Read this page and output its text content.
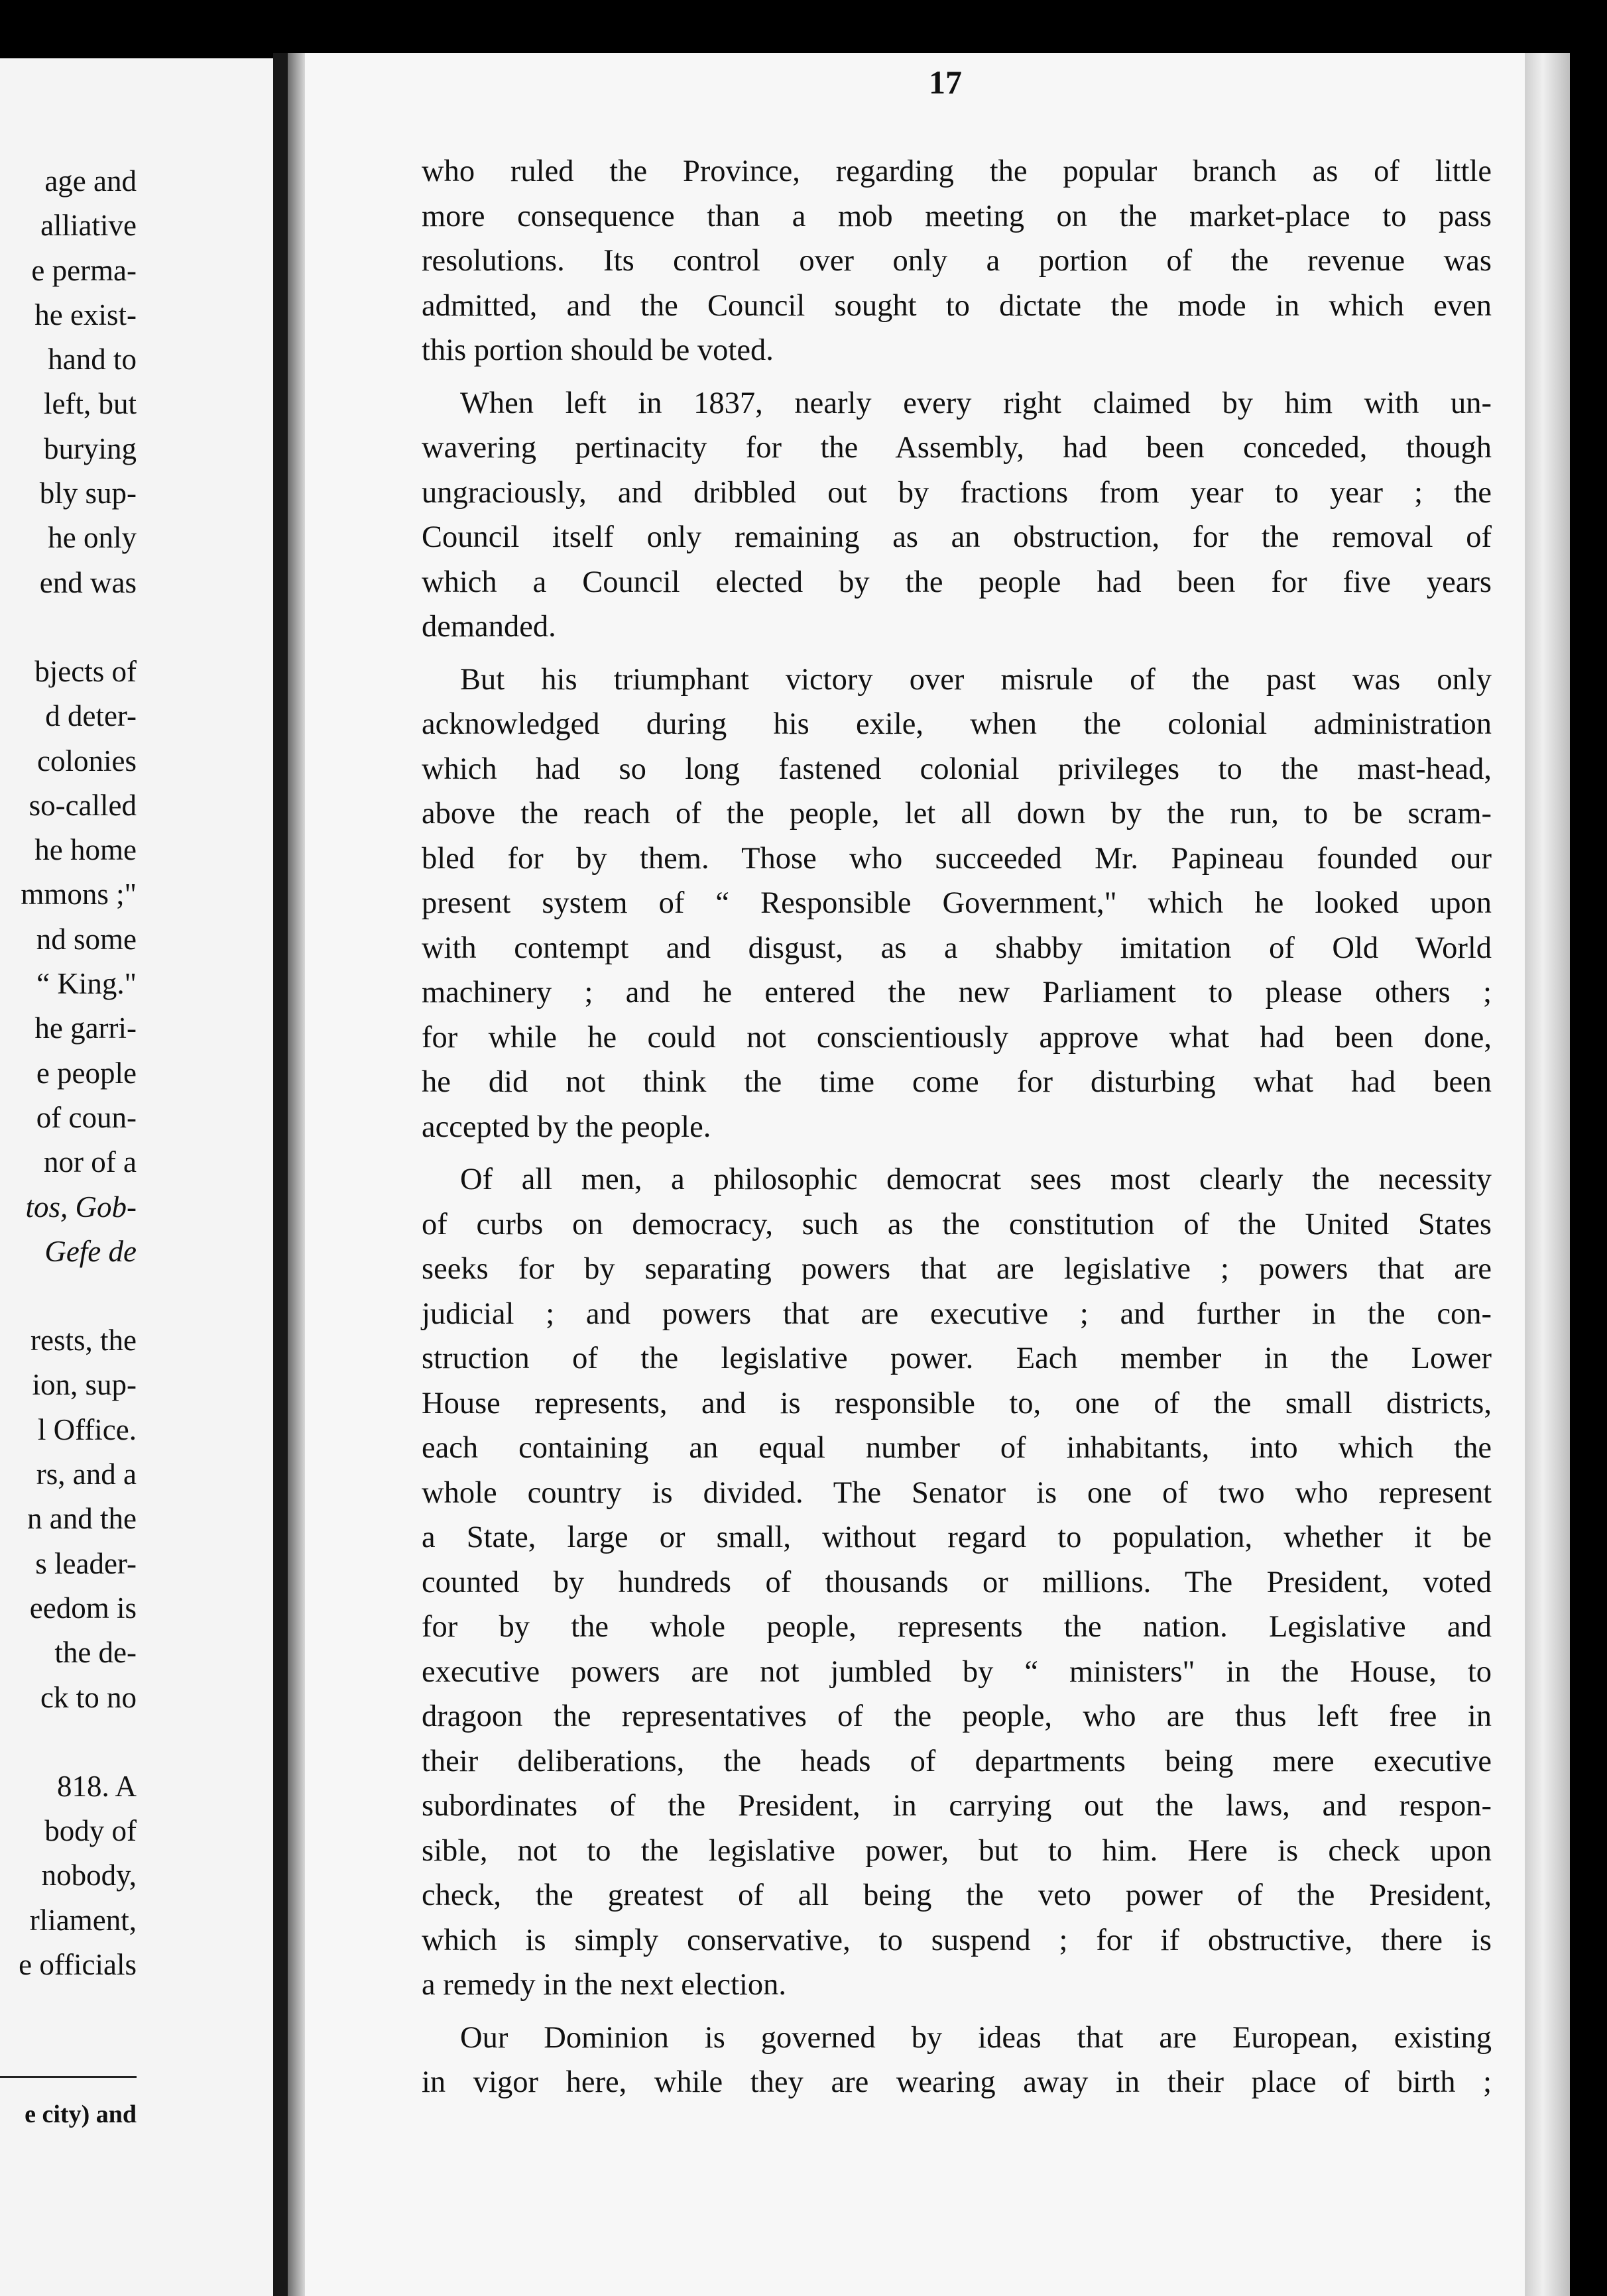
age and
alliative
e perma-
he exist-
hand to
left, but
burying
bly sup-
he only
end was
bjects of
d deter-
colonies
so-called
he home
mmons ;"
nd some
“ King."
he garri-
e people
of coun-
nor of a
tos, Gob-
Gefe de
rests, the
ion, sup-
l Office.
rs, and a
n and the
s leader-
eedom is
the de-
ck to no
818. A
body of
nobody,
rliament,
e officials
e city) and
17
who ruled the Province, regarding the popular branch as of little
more consequence than a mob meeting on the market-place to pass
resolutions. Its control over only a portion of the revenue was
admitted, and the Council sought to dictate the mode in which even
this portion should be voted.
When left in 1837, nearly every right claimed by him with un-
wavering pertinacity for the Assembly, had been conceded, though
ungraciously, and dribbled out by fractions from year to year ; the
Council itself only remaining as an obstruction, for the removal of
which a Council elected by the people had been for five years
demanded.
But his triumphant victory over misrule of the past was only
acknowledged during his exile, when the colonial administration
which had so long fastened colonial privileges to the mast-head,
above the reach of the people, let all down by the run, to be scram-
bled for by them. Those who succeeded Mr. Papineau founded our
present system of “ Responsible Government," which he looked upon
with contempt and disgust, as a shabby imitation of Old World
machinery ; and he entered the new Parliament to please others ;
for while he could not conscientiously approve what had been done,
he did not think the time come for disturbing what had been
accepted by the people.
Of all men, a philosophic democrat sees most clearly the necessity
of curbs on democracy, such as the constitution of the United States
seeks for by separating powers that are legislative ; powers that are
judicial ; and powers that are executive ; and further in the con-
struction of the legislative power. Each member in the Lower
House represents, and is responsible to, one of the small districts,
each containing an equal number of inhabitants, into which the
whole country is divided. The Senator is one of two who represent
a State, large or small, without regard to population, whether it be
counted by hundreds of thousands or millions. The President, voted
for by the whole people, represents the nation. Legislative and
executive powers are not jumbled by “ ministers" in the House, to
dragoon the representatives of the people, who are thus left free in
their deliberations, the heads of departments being mere executive
subordinates of the President, in carrying out the laws, and respon-
sible, not to the legislative power, but to him. Here is check upon
check, the greatest of all being the veto power of the President,
which is simply conservative, to suspend ; for if obstructive, there is
a remedy in the next election.
Our Dominion is governed by ideas that are European, existing
in vigor here, while they are wearing away in their place of birth ;
